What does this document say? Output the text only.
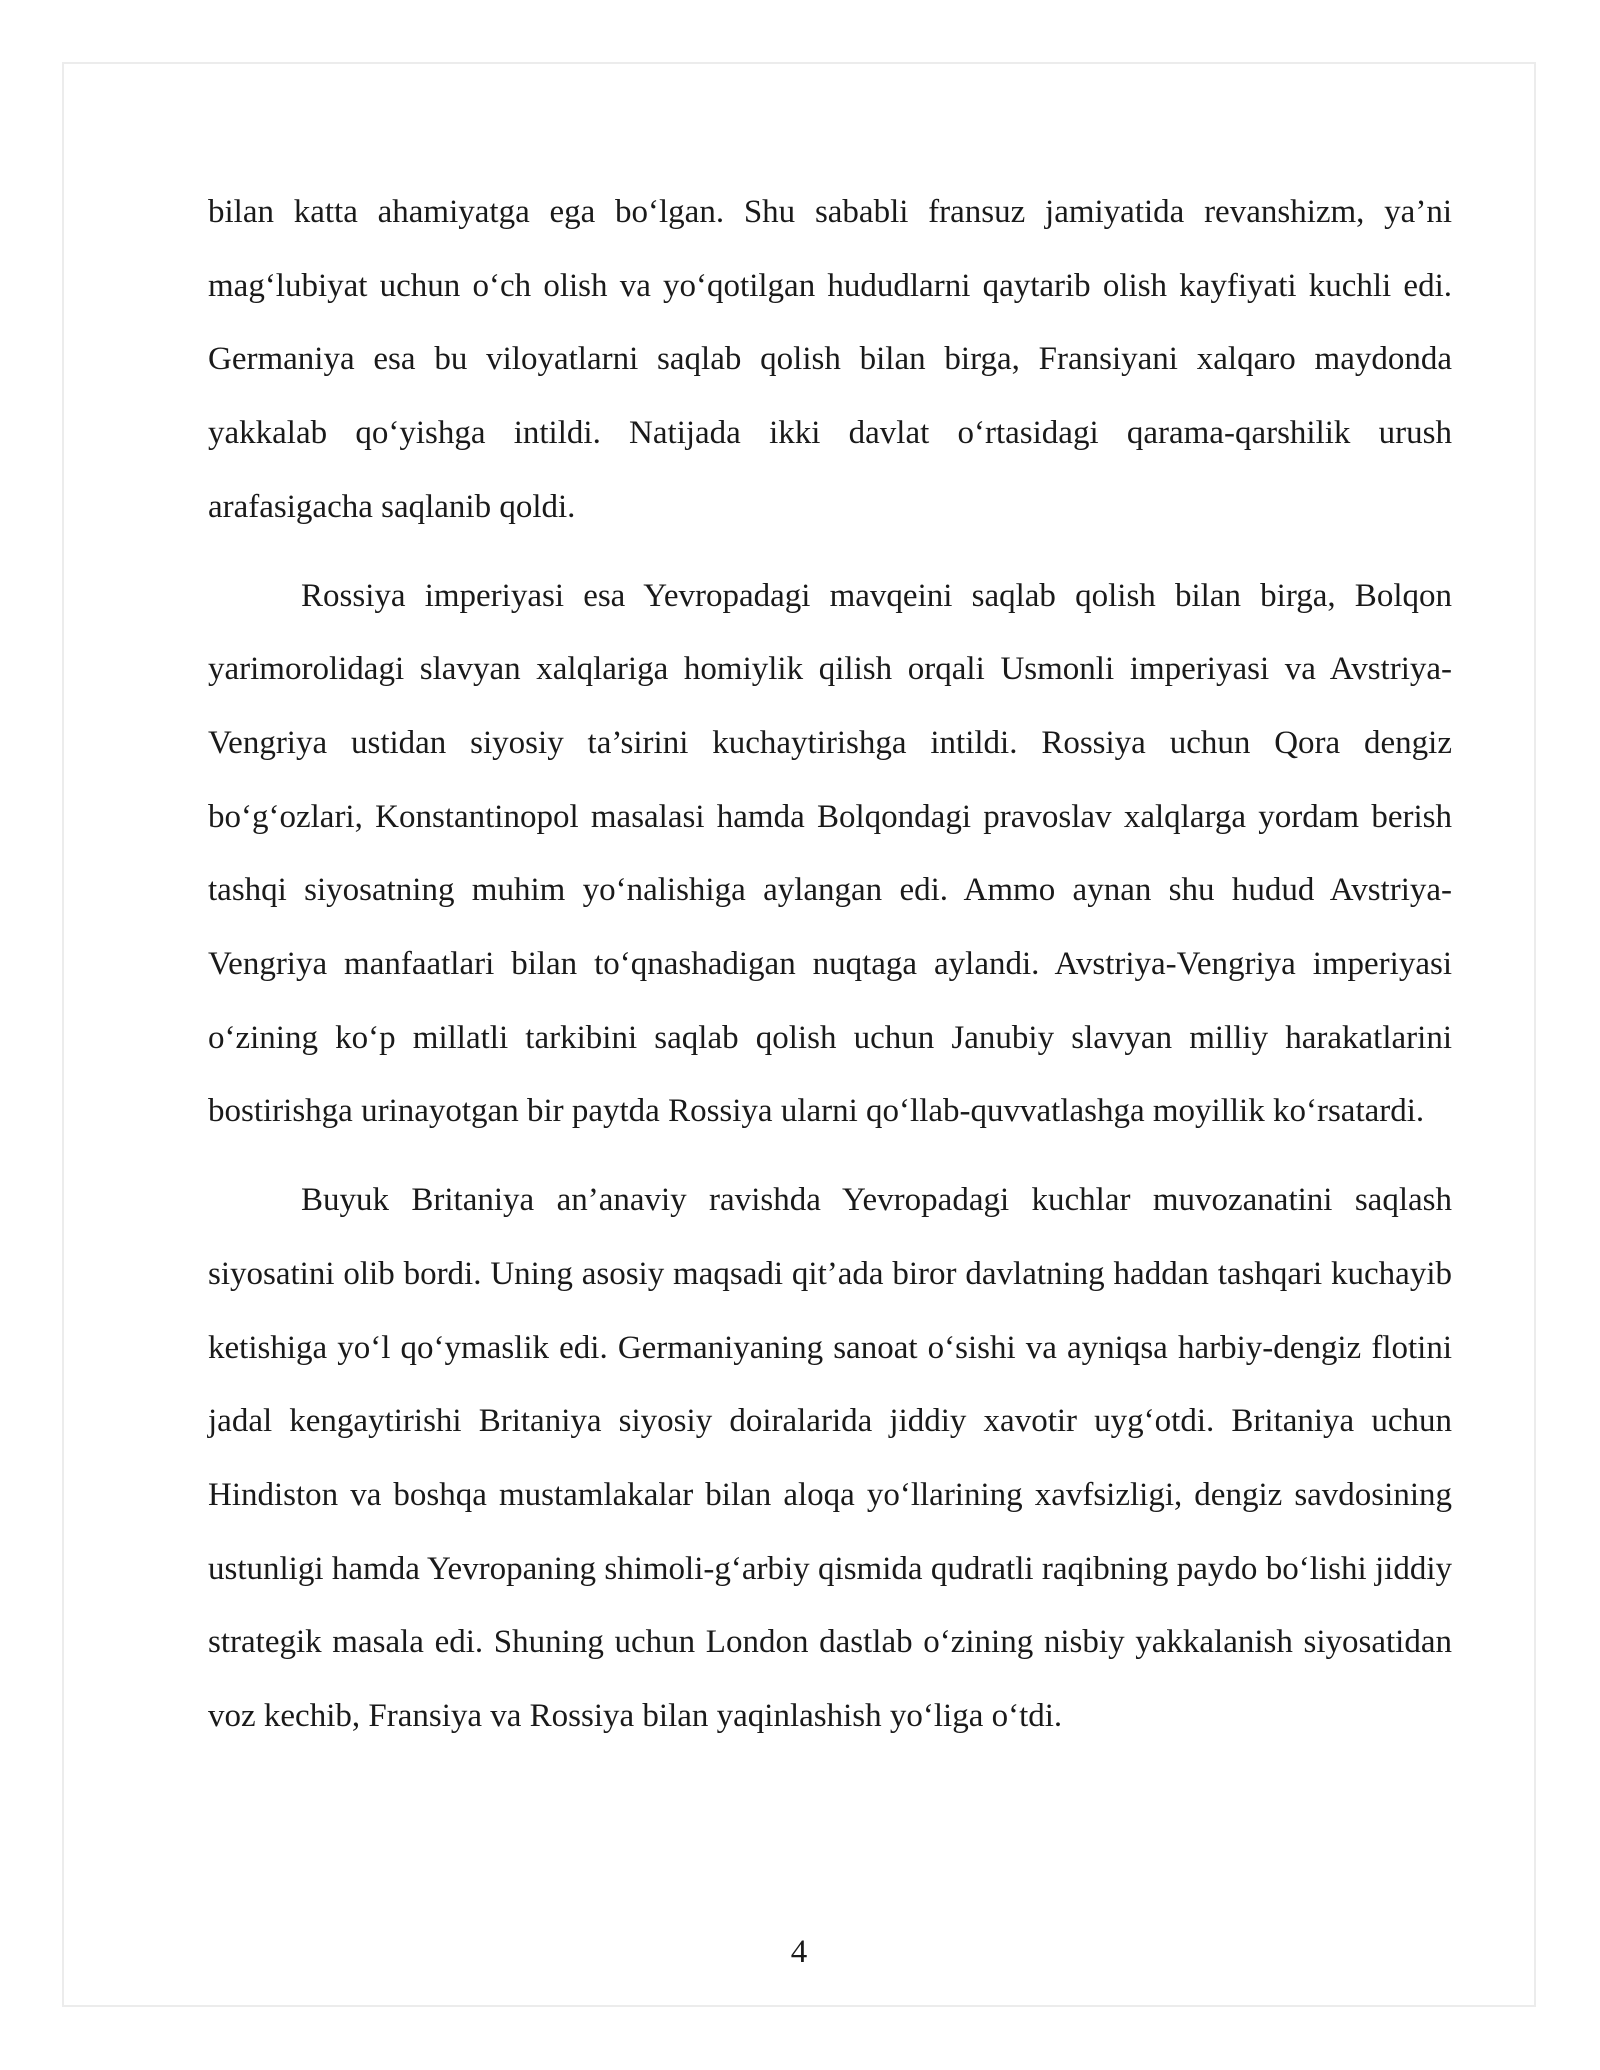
bilan katta ahamiyatga ega bo‘lgan. Shu sababli fransuz jamiyatida revanshizm, ya’ni mag‘lubiyat uchun o‘ch olish va yo‘qotilgan hududlarni qaytarib olish kayfiyati kuchli edi. Germaniya esa bu viloyatlarni saqlab qolish bilan birga, Fransiyani xalqaro maydonda yakkalab qo‘yishga intildi. Natijada ikki davlat o‘rtasidagi qarama-qarshilik urush arafasigacha saqlanib qoldi.

Rossiya imperiyasi esa Yevropadagi mavqeini saqlab qolish bilan birga, Bolqon yarimorolidagi slavyan xalqlariga homiylik qilish orqali Usmonli imperiyasi va Avstriya-Vengriya ustidan siyosiy ta’sirini kuchaytirishga intildi. Rossiya uchun Qora dengiz bo‘g‘ozlari, Konstantinopol masalasi hamda Bolqondagi pravoslav xalqlarga yordam berish tashqi siyosatning muhim yo‘nalishiga aylangan edi. Ammo aynan shu hudud Avstriya-Vengriya manfaatlari bilan to‘qnashadigan nuqtaga aylandi. Avstriya-Vengriya imperiyasi o‘zining ko‘p millatli tarkibini saqlab qolish uchun Janubiy slavyan milliy harakatlarini bostirishga urinayotgan bir paytda Rossiya ularni qo‘llab-quvvatlashga moyillik ko‘rsatardi.

Buyuk Britaniya an’anaviy ravishda Yevropadagi kuchlar muvozanatini saqlash siyosatini olib bordi. Uning asosiy maqsadi qit’ada biror davlatning haddan tashqari kuchayib ketishiga yo‘l qo‘ymaslik edi. Germaniyaning sanoat o‘sishi va ayniqsa harbiy-dengiz flotini jadal kengaytirishi Britaniya siyosiy doiralarida jiddiy xavotir uyg‘otdi. Britaniya uchun Hindiston va boshqa mustamlakalar bilan aloqa yo‘llarining xavfsizligi, dengiz savdosining ustunligi hamda Yevropaning shimoli-g‘arbiy qismida qudratli raqibning paydo bo‘lishi jiddiy strategik masala edi. Shuning uchun London dastlab o‘zining nisbiy yakkalanish siyosatidan voz kechib, Fransiya va Rossiya bilan yaqinlashish yo‘liga o‘tdi.

4
